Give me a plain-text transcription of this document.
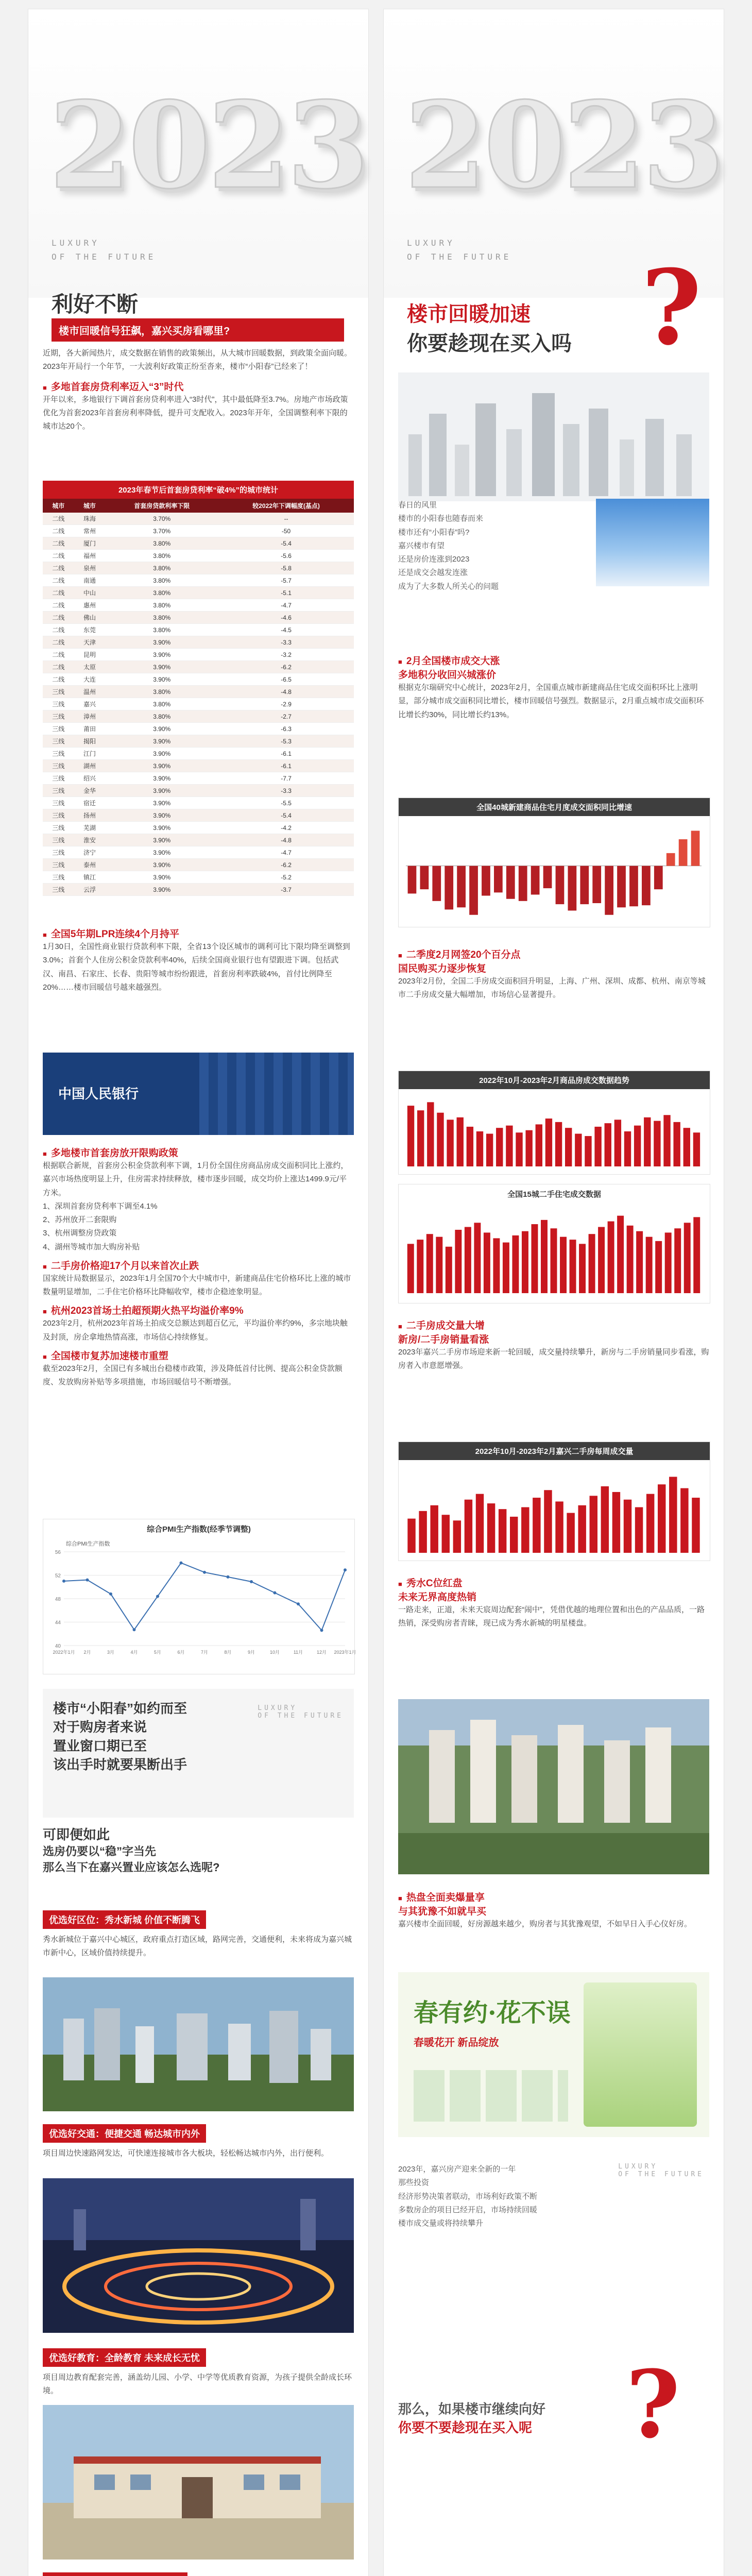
2023
LUXURY
OF THE FUTURE
利好不断
楼市回暖信号狂飙，嘉兴买房看哪里?

近期，各大新闻热片，成交数据在销售的政策频出，从大城市回暖数据，到政策全面向暖。2023年开局行一个年节，一大波利好政策正纷至沓来，楼市“小阳春”已经来了！

■ 多地首套房贷利率迈入“3”时代

开年以来，多地银行下调首套房贷利率进入“3时代”，其中最低降至3.7%。房地产市场政策优化为首套2023年首套房利率降低，提升可支配收入。2023年开年，全国调整利率下限的城市达20个。

2023年春节后首套房贷利率“破4%”的城市统计
城市	城市	首套房贷款利率下限	较2022年下调幅度(基点)
二线	珠海	3.70%	--
二线	常州	3.70%	-50
二线	厦门	3.80%	-5.4
二线	福州	3.80%	-5.6
二线	泉州	3.80%	-5.8
二线	南通	3.80%	-5.7
二线	中山	3.80%	-5.1
二线	惠州	3.80%	-4.7
二线	佛山	3.80%	-4.6
二线	东莞	3.80%	-4.5
二线	天津	3.90%	-3.3
二线	昆明	3.90%	-3.2
二线	太原	3.90%	-6.2
二线	大连	3.90%	-6.5
三线	温州	3.80%	-4.8
三线	嘉兴	3.80%	-2.9
三线	漳州	3.80%	-2.7
三线	莆田	3.90%	-6.3
三线	揭阳	3.90%	-5.3
三线	江门	3.90%	-6.1
三线	湖州	3.90%	-6.1
三线	绍兴	3.90%	-7.7
三线	金华	3.90%	-3.3
三线	宿迁	3.90%	-5.5
三线	扬州	3.90%	-5.4
三线	芜湖	3.90%	-4.2
三线	淮安	3.90%	-4.8
三线	济宁	3.90%	-4.7
三线	泰州	3.90%	-6.2
三线	镇江	3.90%	-5.2
三线	云浮	3.90%	-3.7
■ 全国5年期LPR连续4个月持平

1月30日，全国性商业银行贷款利率下限，全省13个设区城市的调利可比下限均降至调整到3.0%；首套个人住房公积金贷款利率40%，后续全国商业银行也有望跟进下调。包括武汉、南昌、石家庄、长春、贵阳等城市纷纷跟进，首套房利率跌破4%，首付比例降至20%……楼市回暖信号越来越强烈。

中国人民银行
■ 多地楼市首套房放开限购政策

根据联合新规，首套房公积金贷款利率下调，1月份全国住房商品房成交面积同比上涨约，嘉兴市场热度明显上升，住房需求持续释放，楼市逐步回暖，成交均价上涨达1499.9元/平方米。

1、深圳首套房贷利率下调至4.1%
2、苏州放开二套限购
3、杭州调整房贷政策
4、湖州等城市加大购房补贴

■ 二手房价格迎17个月以来首次止跌

国家统计局数据显示，2023年1月全国70个大中城市中，新建商品住宅价格环比上涨的城市数量明显增加，二手住宅价格环比降幅收窄，楼市企稳迹象明显。

■ 杭州2023首场土拍超预期火热平均溢价率9%

2023年2月，杭州2023年首场土拍成交总额达到超百亿元，平均溢价率约9%，多宗地块触及封顶，房企拿地热情高涨，市场信心持续修复。

■ 全国楼市复苏加速楼市重塑

截至2023年2月，全国已有多城出台稳楼市政策，涉及降低首付比例、提高公积金贷款额度、发放购房补贴等多项措施，市场回暖信号不断增强。

综合PMI生产指数(经季节调整)
40
44
48
52
56
综合PMI生产指数
2022年1月 2月	3月	4月	5月	6月	7月	8月	9月	10月	11月	12月 2023年1月
楼市“小阳春”如约而至
对于购房者来说
置业窗口期已至
该出手时就要果断出手
LUXURY
OF THE FUTURE
可即便如此
选房仍要以“稳”字当先
那么当下在嘉兴置业应该怎么选呢?
优选好区位：秀水新城 价值不断腾飞

秀水新城位于嘉兴中心城区，政府重点打造区域，路网完善，交通便利，未来将成为嘉兴城市新中心，区域价值持续提升。

优选好交通：便捷交通 畅达城市内外

项目周边快速路网发达，可快速连接城市各大板块，轻松畅达城市内外，出行便利。

优选好教育：全龄教育 未来成长无忧

项目周边教育配套完善，涵盖幼儿园、小学、中学等优质教育资源，为孩子提供全龄成长环境。

2023
LUXURY
OF THE FUTURE ?
楼市回暖加速
你要趁现在买入吗

春日的风里
楼市的小阳春也随春而来
楼市还有“小阳春”吗?
嘉兴楼市有望
还是房价连涨到2023
还是成交会越发连涨
成为了大多数人所关心的问题

■ 2月全国楼市成交大涨
多地积分收回兴城涨价

根据克尔瑞研究中心统计，2023年2月，全国重点城市新建商品住宅成交面积环比上涨明显，部分城市成交面积同比增长，楼市回暖信号强烈。数据显示，2月重点城市成交面积环比增长约30%，同比增长约13%。

全国40城新建商品住宅月度成交面积同比增速
■ 二季度2月网签20个百分点
国民购买力逐步恢复

2023年2月份，全国二手房成交面积回升明显，上海、广州、深圳、成都、杭州、南京等城市二手房成交量大幅增加，市场信心显著提升。

2022年10月-2023年2月商品房成交数据趋势
全国15城二手住宅成交数据
■ 二手房成交量大增
新房/二手房销量看涨

2023年嘉兴二手房市场迎来新一轮回暖，成交量持续攀升，新房与二手房销量同步看涨，购房者入市意愿增强。

2022年10月-2023年2月嘉兴二手房每周成交量
■ 秀水C位红盘
未来无界高度热销

一路走来，正道，未来天宸周边配套“闹中”，凭借优越的地理位置和出色的产品品质，一路热销，深受购房者青睐，现已成为秀水新城的明星楼盘。

■ 热盘全面卖爆量享
与其犹豫不如就早买

嘉兴楼市全面回暖，好房源越来越少，购房者与其犹豫观望，不如早日入手心仪好房。

春有约·花不误
春暖花开 新品绽放

2023年，嘉兴房产迎来全新的一年
那些投资
经济形势决策者联动，市场利好政策不断
多数房企的项目已经开启，市场持续回暖
楼市成交量或将持续攀升

LUXURY
OF THE FUTURE
?
那么，如果楼市继续向好
你要不要趁现在买入呢
